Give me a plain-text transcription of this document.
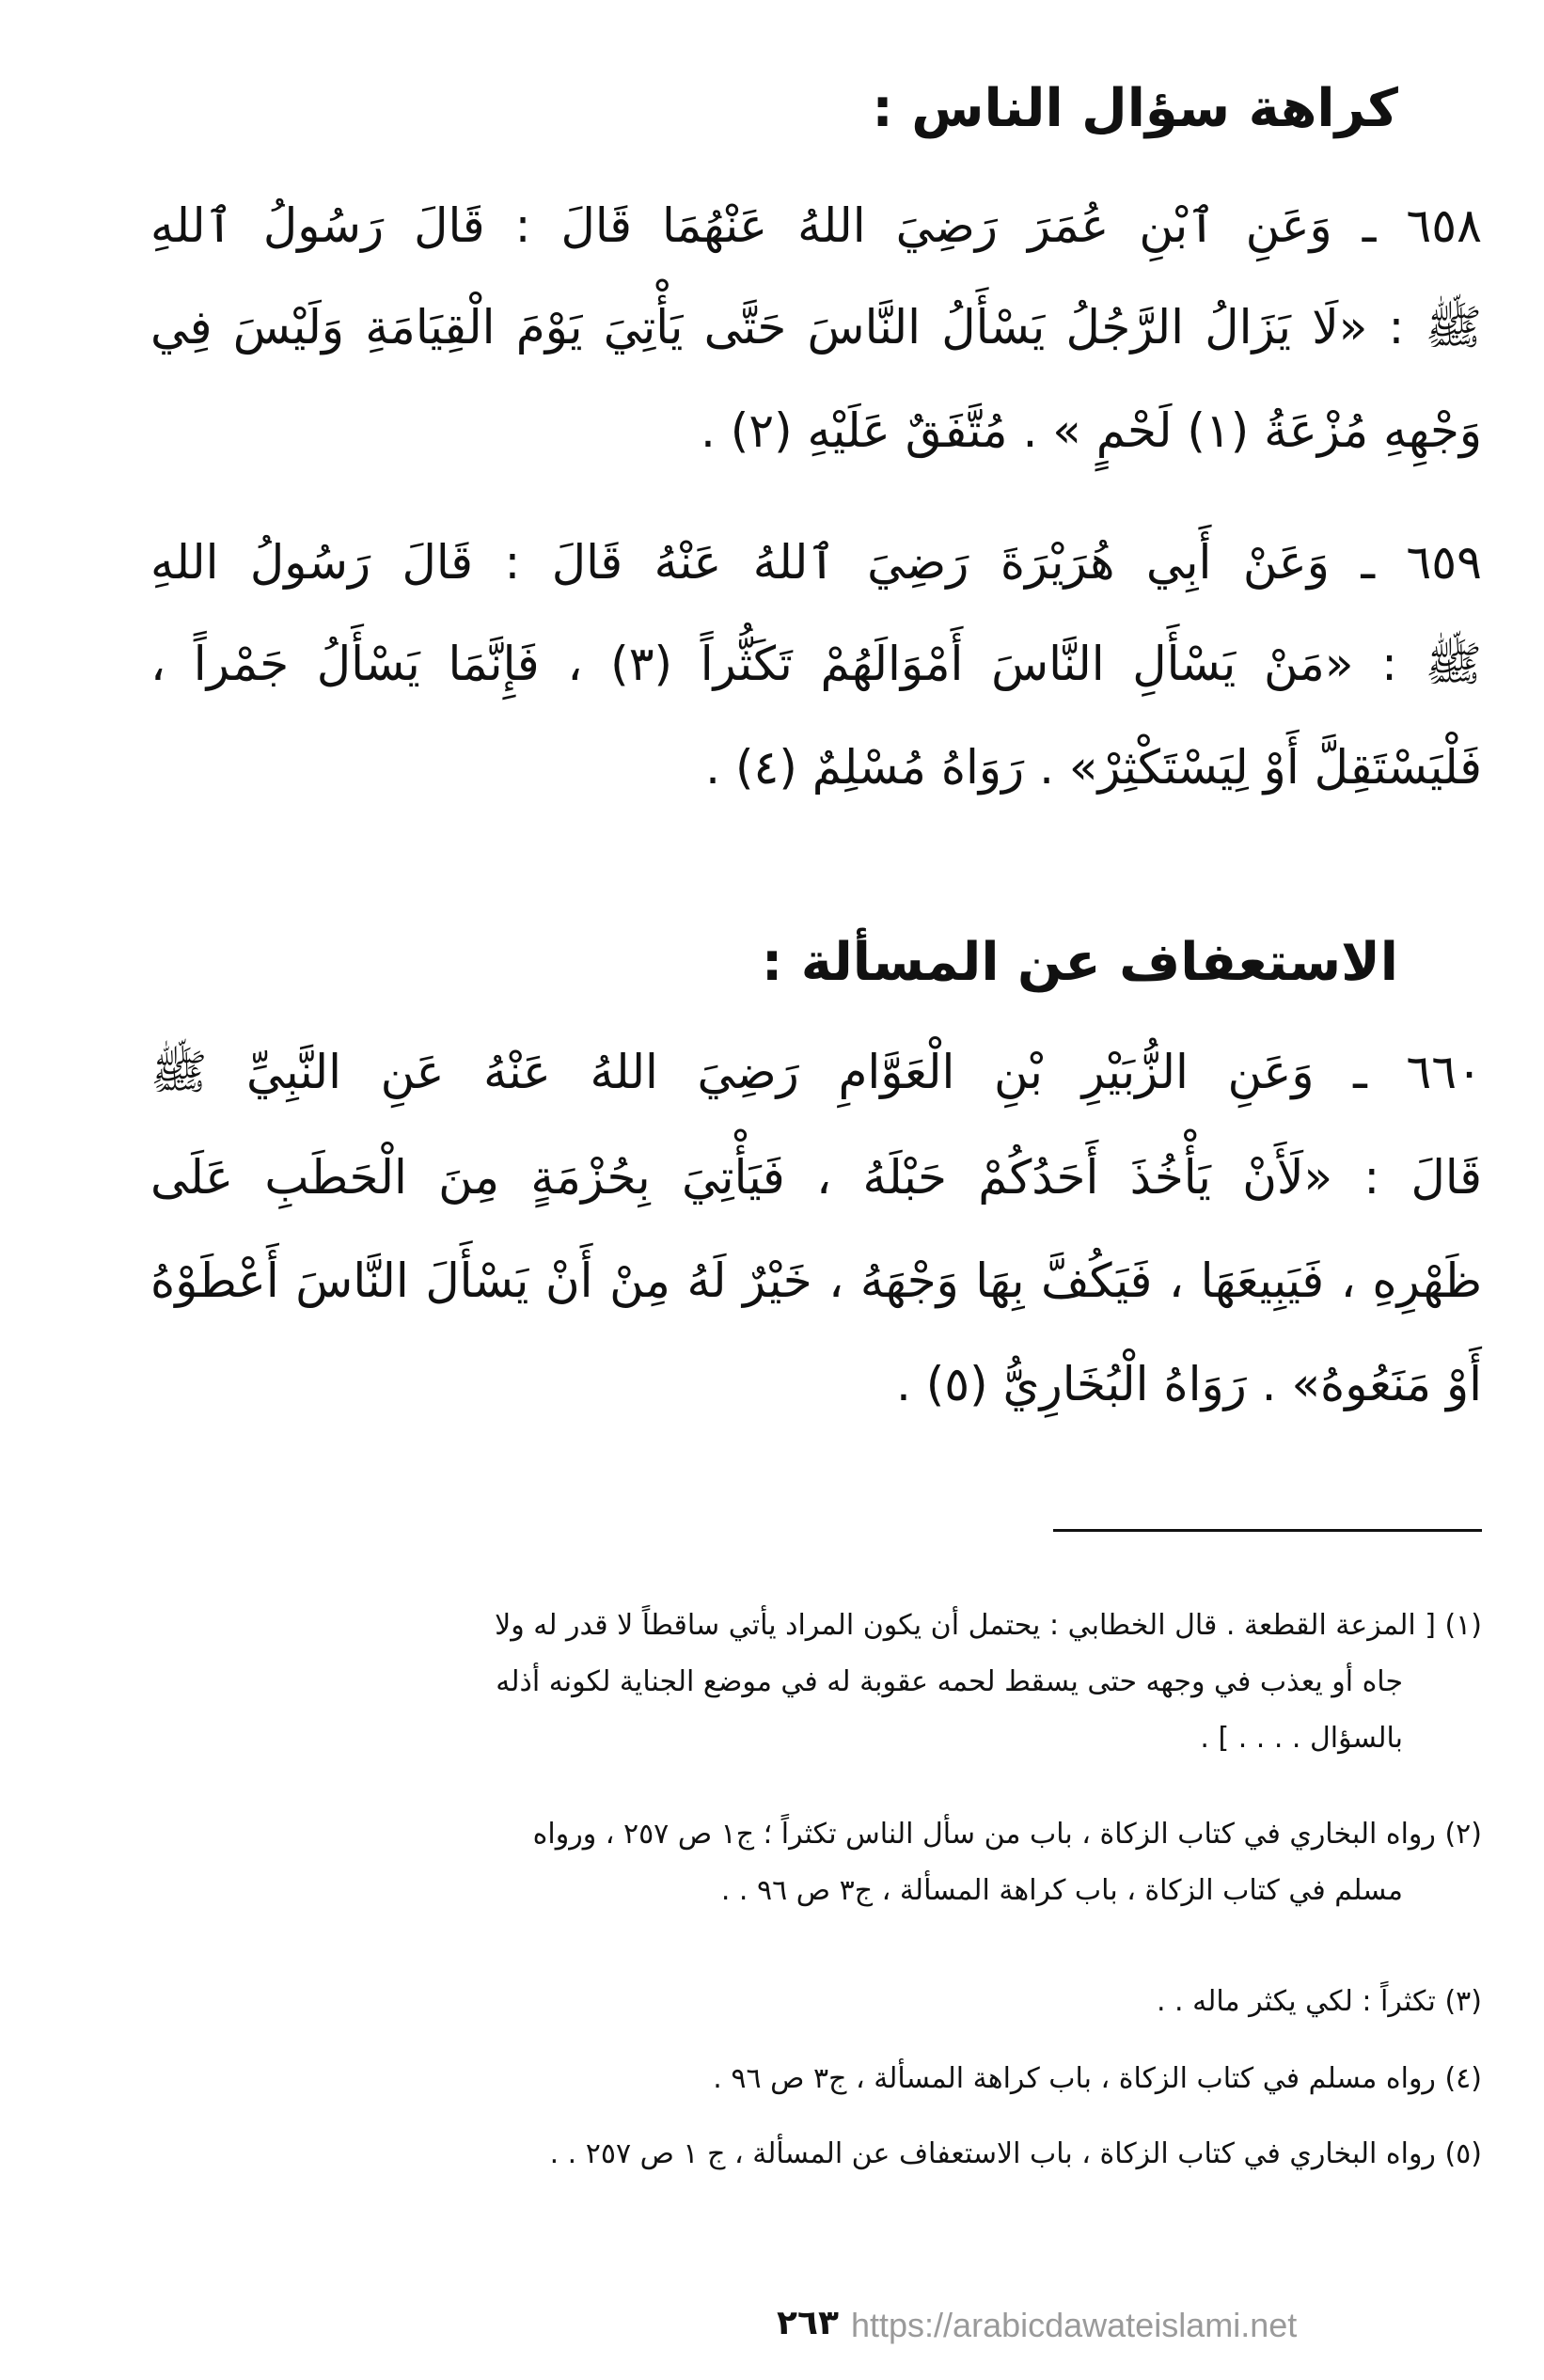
كراهة سؤال الناس :
٦٥٨ ـ وَعَنِ ٱبْنِ عُمَرَ رَضِيَ اللهُ عَنْهُمَا قَالَ : قَالَ رَسُولُ ٱللهِ
ﷺ : «لَا يَزَالُ الرَّجُلُ يَسْأَلُ النَّاسَ حَتَّى يَأْتِيَ يَوْمَ الْقِيَامَةِ وَلَيْسَ فِي
وَجْهِهِ مُزْعَةُ (١) لَحْمٍ » . مُتَّفَقٌ عَلَيْهِ (٢) .
٦٥٩ ـ وَعَنْ أَبِي هُرَيْرَةَ رَضِيَ ٱللهُ عَنْهُ قَالَ : قَالَ رَسُولُ اللهِ
ﷺ : «مَنْ يَسْأَلِ النَّاسَ أَمْوَالَهُمْ تَكَثُّراً (٣) ، فَإِنَّمَا يَسْأَلُ جَمْراً ،
فَلْيَسْتَقِلَّ أَوْ لِيَسْتَكْثِرْ» . رَوَاهُ مُسْلِمٌ (٤) .
الاستعفاف عن المسألة :
٦٦٠ ـ وَعَنِ الزُّبَيْرِ بْنِ الْعَوَّامِ رَضِيَ اللهُ عَنْهُ عَنِ النَّبِيِّ ﷺ
قَالَ : «لَأَنْ يَأْخُذَ أَحَدُكُمْ حَبْلَهُ ، فَيَأْتِيَ بِحُزْمَةٍ مِنَ الْحَطَبِ عَلَى
ظَهْرِهِ ، فَيَبِيعَهَا ، فَيَكُفَّ بِهَا وَجْهَهُ ، خَيْرٌ لَهُ مِنْ أَنْ يَسْأَلَ النَّاسَ أَعْطَوْهُ
أَوْ مَنَعُوهُ» . رَوَاهُ الْبُخَارِيُّ (٥) .
(١) [ المزعة القطعة . قال الخطابي : يحتمل أن يكون المراد يأتي ساقطاً لا قدر له ولا
جاه أو يعذب في وجهه حتى يسقط لحمه عقوبة له في موضع الجناية لكونه أذله
بالسؤال . . . . ] .
(٢) رواه البخاري في كتاب الزكاة ، باب من سأل الناس تكثراً ؛ ج١ ص ٢٥٧ ، ورواه
مسلم في كتاب الزكاة ، باب كراهة المسألة ، ج٣ ص ٩٦ . .
(٣) تكثراً : لكي يكثر ماله . .
(٤) رواه مسلم في كتاب الزكاة ، باب كراهة المسألة ، ج٣ ص ٩٦ .
(٥) رواه البخاري في كتاب الزكاة ، باب الاستعفاف عن المسألة ، ج ١ ص ٢٥٧ . .
٢٦٣ https://arabicdawateislami.net
